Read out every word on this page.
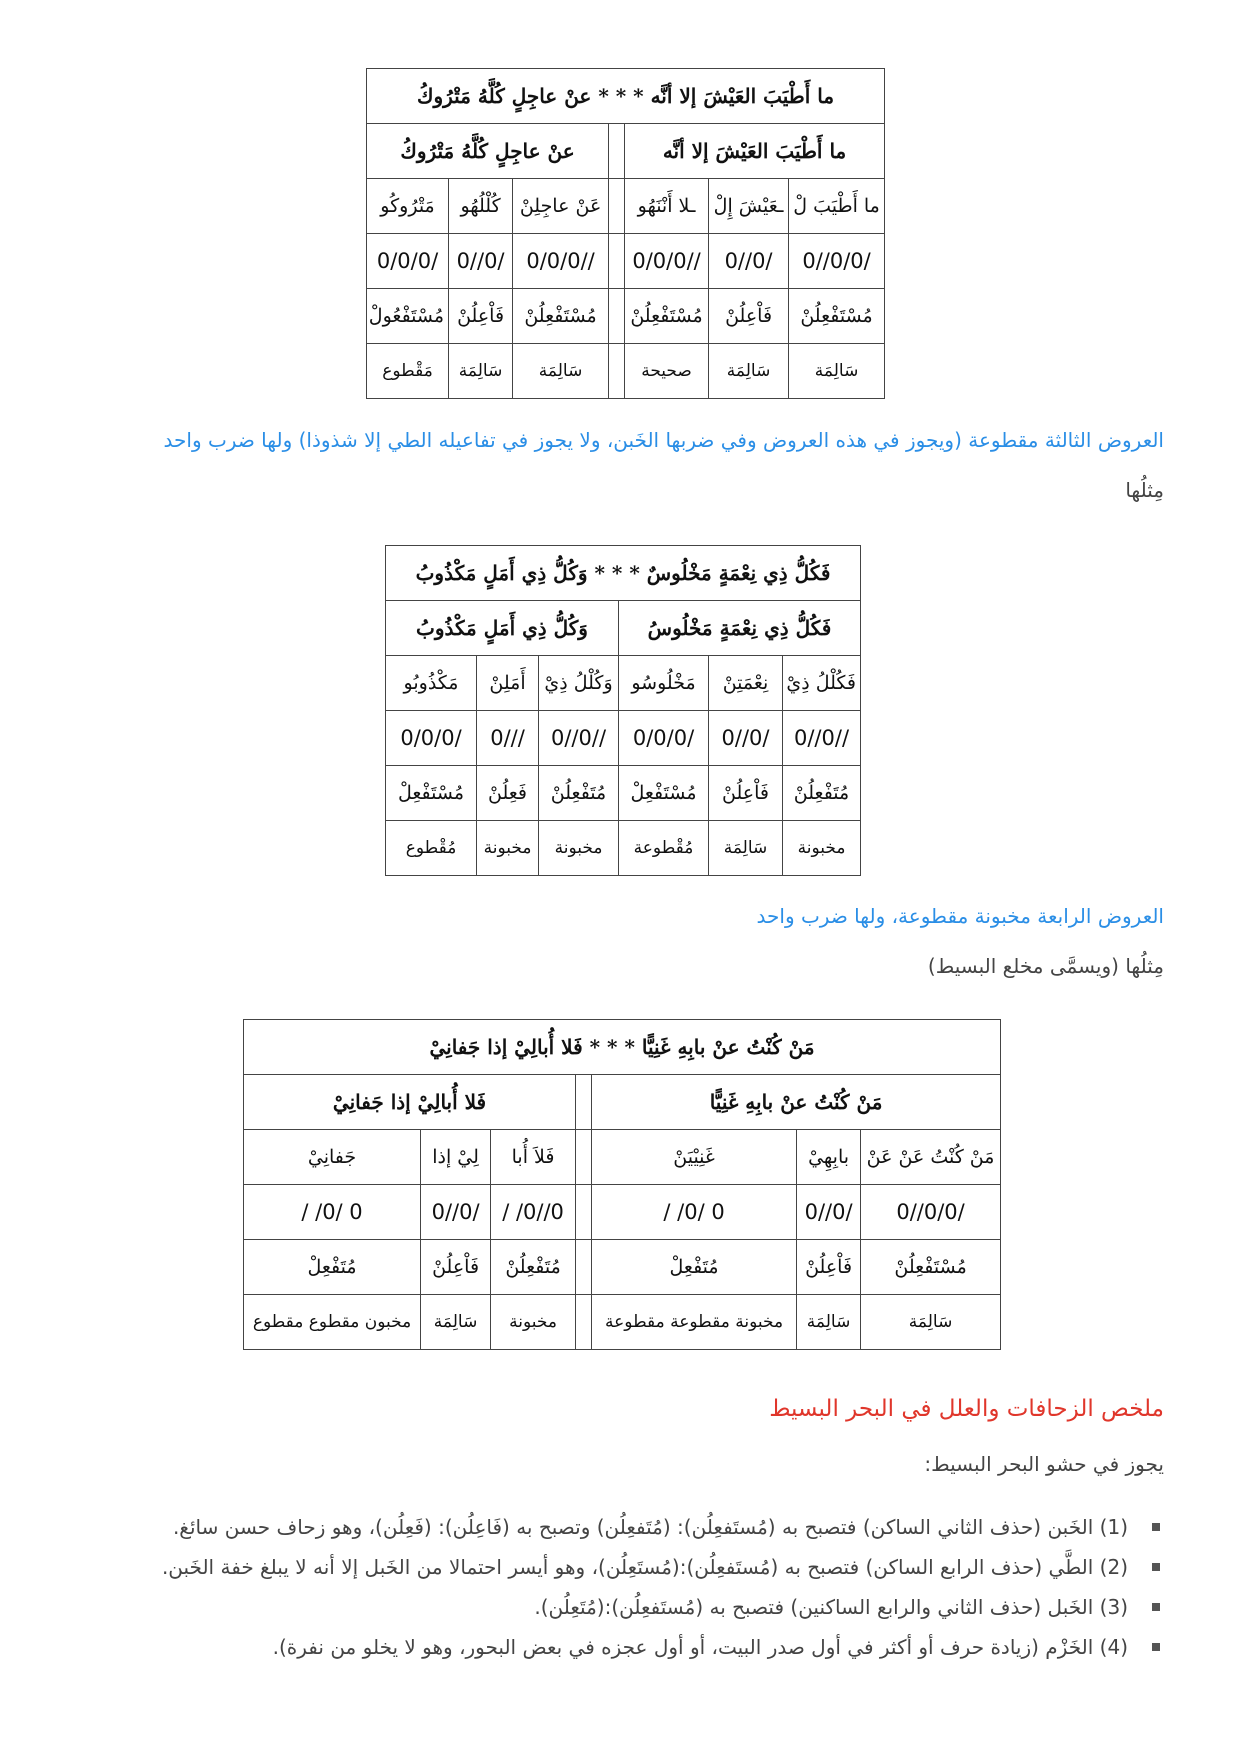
ما أَطْيَبَ العَيْشَ إلا أنَّه * * * عنْ عاجِلٍ كُلَّهُ مَتْرُوكُ						
ما أَطْيَبَ العَيْشَ إلا أنَّه				عنْ عاجِلٍ كُلَّهُ مَتْرُوكُ		
ما أَطْيَبَ لْ	ـعَيْشَ إِلْ	ـلا أَنْنَهُو		عَنْ عاجِلِنْ	كُلْلُهُو	مَتْرُوكُو
0//0/0/	0//0/	0/0/0//		0/0/0//	0//0/	0/0/0/
مُسْتَفْعِلُنْ	فَاْعِلُنْ	مُسْتَفْعِلُنْ		مُسْتَفْعِلُنْ	فَاْعِلُنْ	مُسْتَفْعُولْ
سَالِمَة	سَالِمَة	صحيحة		سَالِمَة	سَالِمَة	مَقْطوع
العروض الثالثة مقطوعة (ويجوز في هذه العروض وفي ضربها الخَبن، ولا يجوز في تفاعيله الطي إلا شذوذا) ولها ضرب واحد
مِثلُها
فَكُلُّ ذِي نِعْمَةٍ مَخْلُوسٌ * * * وَكُلُّ ذِي أَمَلٍ مَكْذُوبُ					
فَكُلُّ ذِي نِعْمَةٍ مَخْلُوسُ			وَكُلُّ ذِي أَمَلٍ مَكْذُوبُ		
فَكُلْلُ ذِيْ	نِعْمَتِنْ	مَخْلُوسُو	وَكُلْلُ ذِيْ	أَمَلِنْ	مَكْذُوبُو
0//0//	0//0/	0/0/0/	0//0//	0///	0/0/0/
مُتَفْعِلُنْ	فَاْعِلُنْ	مُسْتَفْعِلْ	مُتَفْعِلُنْ	فَعِلُنْ	مُسْتَفْعِلْ
مخبونة	سَالِمَة	مُقْطوعة	مخبونة	مخبونة	مُقْطوع
العروض الرابعة مخبونة مقطوعة، ولها ضرب واحد
مِثلُها (ويسمَّى مخلع البسيط)
مَنْ كُنْتُ عنْ بابِهِ غَنِيًّا * * * فَلا أُبالِيْ إذا جَفانِيْ						
مَنْ كُنْتُ عنْ بابِهِ غَنِيًّا				فَلا أُبالِيْ إذا جَفانِيْ		
مَنْ كُنْتُ عَنْ عَنْ	بابِهِيْ	غَنِيْيَنْ		فَلاَ أُبا	لِيْ إذا	جَفانِيْ
0//0/0/	0//0/	/ /0/ 0		/ /0//0	0//0/	/ /0/ 0
مُسْتَفْعِلُنْ	فَاْعِلُنْ	مُتَفْعِلْ		مُتَفْعِلُنْ	فَاْعِلُنْ	مُتَفْعِلْ
سَالِمَة	سَالِمَة	مخبونة مقطوعة مقطوعة		مخبونة	سَالِمَة	مخبون مقطوع مقطوع
ملخص الزحافات والعلل في البحر البسيط
يجوز في حشو البحر البسيط:
(1) الخَبن (حذف الثاني الساكن) فتصبح به (مُستَفعِلُن): (مُتَفعِلُن) وتصبح به (فَاعِلُن): (فَعِلُن)، وهو زحاف حسن سائغ.
(2) الطَّي (حذف الرابع الساكن) فتصبح به (مُستَفعِلُن):(مُستَعِلُن)، وهو أيسر احتمالا من الخَبل إلا أنه لا يبلغ خفة الخَبن.
(3) الخَبل (حذف الثاني والرابع الساكنين) فتصبح به (مُستَفعِلُن):(مُتَعِلُن).
(4) الخَزْم (زيادة حرف أو أكثر في أول صدر البيت، أو أول عجزه في بعض البحور، وهو لا يخلو من نفرة).
